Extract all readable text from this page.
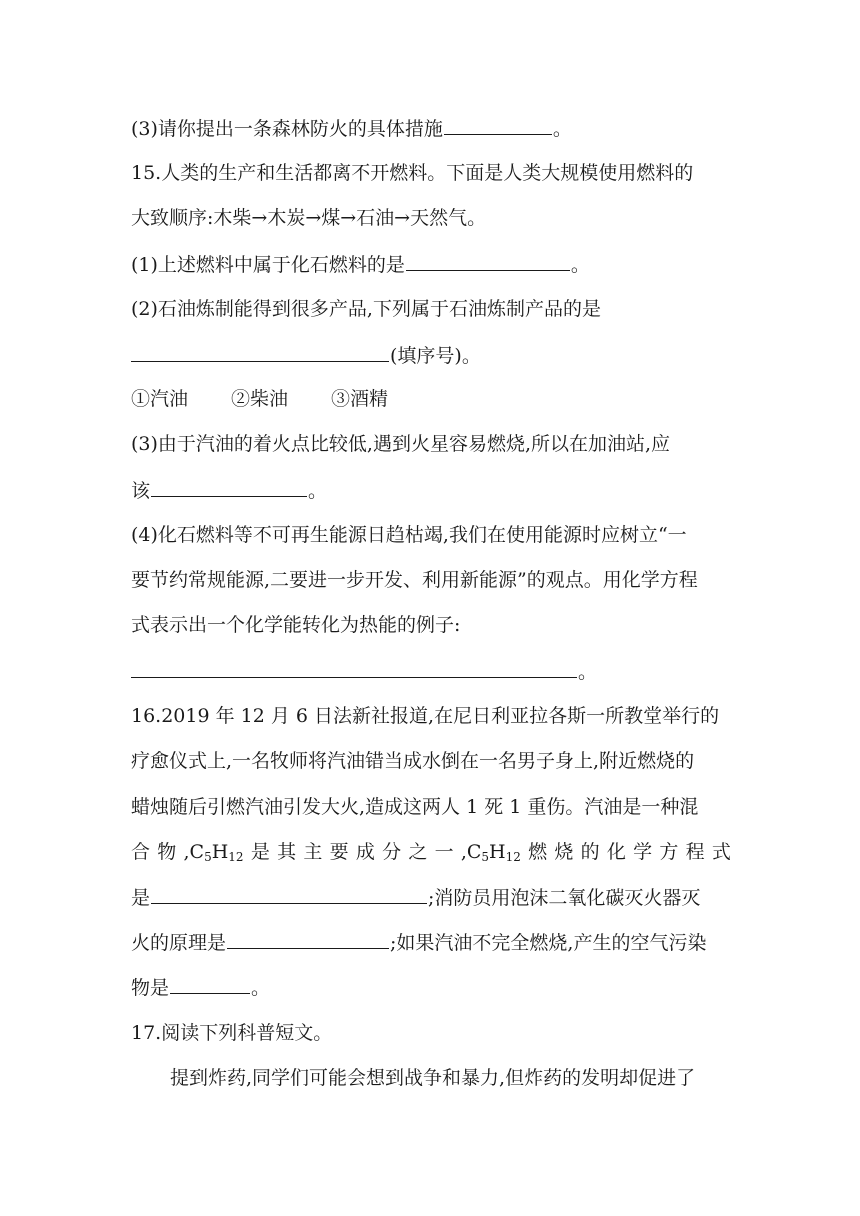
(3)请你提出一条森林防火的具体措施	。
15.人类的生产和生活都离不开燃料。下面是人类大规模使用燃料的
大致顺序:木柴→木炭→煤→石油→天然气。
(1)上述燃料中属于化石燃料的是	。
(2)石油炼制能得到很多产品,下列属于石油炼制产品的是
(填序号)。
①汽油 ②柴油 ③酒精
(3)由于汽油的着火点比较低,遇到火星容易燃烧,所以在加油站,应
该	。
(4)化石燃料等不可再生能源日趋枯竭,我们在使用能源时应树立“一
要节约常规能源,二要进一步开发、利用新能源”的观点。用化学方程
式表示出一个化学能转化为热能的例子:
。
16.2019 年 12 月 6 日法新社报道,在尼日利亚拉各斯一所教堂举行的
疗愈仪式上,一名牧师将汽油错当成水倒在一名男子身上,附近燃烧的
蜡烛随后引燃汽油引发大火,造成这两人 1 死 1 重伤。汽油是一种混
合 物 $,C_5H_{12}$ 是 其 主 要 成 分 之 一 $,C_5H_{12}$ 燃 烧 的 化 学 方 程 式
是	;消防员用泡沫二氧化碳灭火器灭
火的原理是	;如果汽油不完全燃烧,产生的空气污染
物是	。
17.阅读下列科普短文。
提到炸药,同学们可能会想到战争和暴力,但炸药的发明却促进了
